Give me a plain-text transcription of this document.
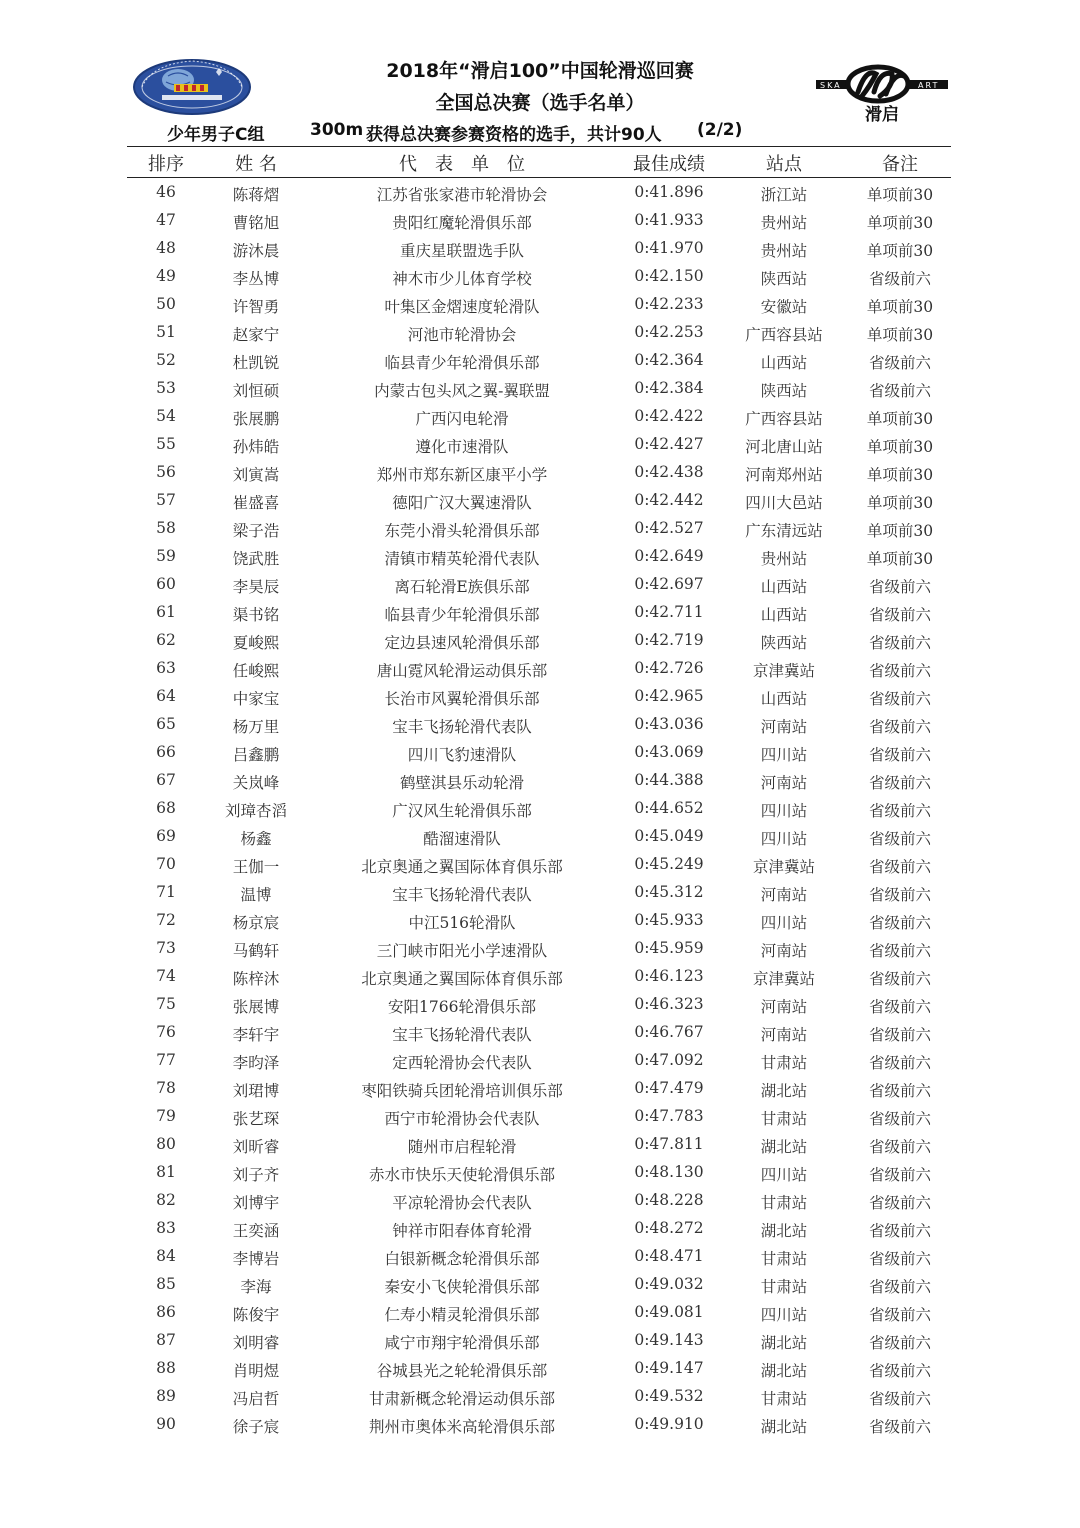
SKA	ART
滑启
2018年“滑启100”中国轮滑巡回赛
全国总决赛（选手名单）
少年男子C组	300m 获得总决赛参赛资格的选手，共计90人 (2/2)
排序	姓 名	代　表　单　位	最佳成绩	站点	备注
46	陈蒋熠	江苏省张家港市轮滑协会	0:41.896	浙江站	单项前30
47	曹铭旭	贵阳红魔轮滑俱乐部	0:41.933	贵州站	单项前30
48	游沐晨	重庆星联盟选手队	0:41.970	贵州站	单项前30
49	李丛博	神木市少儿体育学校	0:42.150	陕西站	省级前六
50	许智勇	叶集区金熠速度轮滑队	0:42.233	安徽站	单项前30
51	赵家宁	河池市轮滑协会	0:42.253	广西容县站	单项前30
52	杜凯锐	临县青少年轮滑俱乐部	0:42.364	山西站	省级前六
53	刘恒硕	内蒙古包头风之翼-翼联盟	0:42.384	陕西站	省级前六
54	张展鹏	广西闪电轮滑	0:42.422	广西容县站	单项前30
55	孙炜皓	遵化市速滑队	0:42.427	河北唐山站	单项前30
56	刘寅嵩	郑州市郑东新区康平小学	0:42.438	河南郑州站	单项前30
57	崔盛喜	德阳广汉大翼速滑队	0:42.442	四川大邑站	单项前30
58	梁子浩	东莞小滑头轮滑俱乐部	0:42.527	广东清远站	单项前30
59	饶武胜	清镇市精英轮滑代表队	0:42.649	贵州站	单项前30
60	李昊辰	离石轮滑E族俱乐部	0:42.697	山西站	省级前六
61	渠书铭	临县青少年轮滑俱乐部	0:42.711	山西站	省级前六
62	夏峻熙	定边县速风轮滑俱乐部	0:42.719	陕西站	省级前六
63	任峻熙	唐山霓风轮滑运动俱乐部	0:42.726	京津冀站	省级前六
64	中家宝	长治市风翼轮滑俱乐部	0:42.965	山西站	省级前六
65	杨万里	宝丰飞扬轮滑代表队	0:43.036	河南站	省级前六
66	吕鑫鹏	四川飞豹速滑队	0:43.069	四川站	省级前六
67	关岚峰	鹤壁淇县乐动轮滑	0:44.388	河南站	省级前六
68	刘璋杏滔	广汉风生轮滑俱乐部	0:44.652	四川站	省级前六
69	杨鑫	酷溜速滑队	0:45.049	四川站	省级前六
70	王伽一	北京奥通之翼国际体育俱乐部	0:45.249	京津冀站	省级前六
71	温博	宝丰飞扬轮滑代表队	0:45.312	河南站	省级前六
72	杨京宸	中江516轮滑队	0:45.933	四川站	省级前六
73	马鹤轩	三门峡市阳光小学速滑队	0:45.959	河南站	省级前六
74	陈梓沐	北京奥通之翼国际体育俱乐部	0:46.123	京津冀站	省级前六
75	张展博	安阳1766轮滑俱乐部	0:46.323	河南站	省级前六
76	李轩宇	宝丰飞扬轮滑代表队	0:46.767	河南站	省级前六
77	李昀泽	定西轮滑协会代表队	0:47.092	甘肃站	省级前六
78	刘珺博	枣阳铁骑兵团轮滑培训俱乐部	0:47.479	湖北站	省级前六
79	张艺琛	西宁市轮滑协会代表队	0:47.783	甘肃站	省级前六
80	刘昕睿	随州市启程轮滑	0:47.811	湖北站	省级前六
81	刘子齐	赤水市快乐天使轮滑俱乐部	0:48.130	四川站	省级前六
82	刘博宇	平凉轮滑协会代表队	0:48.228	甘肃站	省级前六
83	王奕涵	钟祥市阳春体育轮滑	0:48.272	湖北站	省级前六
84	李博岩	白银新概念轮滑俱乐部	0:48.471	甘肃站	省级前六
85	李海	秦安小飞侠轮滑俱乐部	0:49.032	甘肃站	省级前六
86	陈俊宇	仁寿小精灵轮滑俱乐部	0:49.081	四川站	省级前六
87	刘明睿	咸宁市翔宇轮滑俱乐部	0:49.143	湖北站	省级前六
88	肖明煜	谷城县光之轮轮滑俱乐部	0:49.147	湖北站	省级前六
89	冯启哲	甘肃新概念轮滑运动俱乐部	0:49.532	甘肃站	省级前六
90	徐子宸	荆州市奥体米高轮滑俱乐部	0:49.910	湖北站	省级前六
